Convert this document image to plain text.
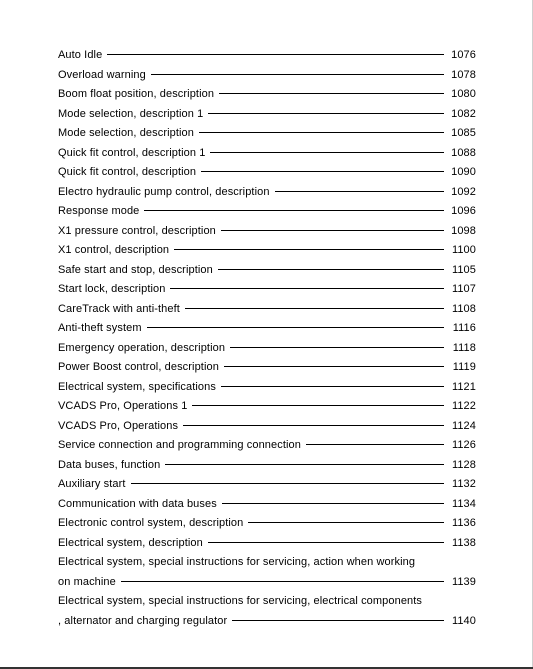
Auto Idle	1076
Overload warning	1078
Boom float position, description	1080
Mode selection, description 1	1082
Mode selection, description	1085
Quick fit control, description 1	1088
Quick fit control, description	1090
Electro hydraulic pump control, description	1092
Response mode	1096
X1 pressure control, description	1098
X1 control, description	1100
Safe start and stop, description	1105
Start lock, description	1107
CareTrack with anti-theft	1108
Anti-theft system	1116
Emergency operation, description	1118
Power Boost control, description	1119
Electrical system, specifications	1121
VCADS Pro, Operations 1	1122
VCADS Pro, Operations	1124
Service connection and programming connection	1126
Data buses, function	1128
Auxiliary start	1132
Communication with data buses	1134
Electronic control system, description	1136
Electrical system, description	1138
Electrical system, special instructions for servicing, action when working
on machine	1139
Electrical system, special instructions for servicing, electrical components
, alternator and charging regulator	1140
